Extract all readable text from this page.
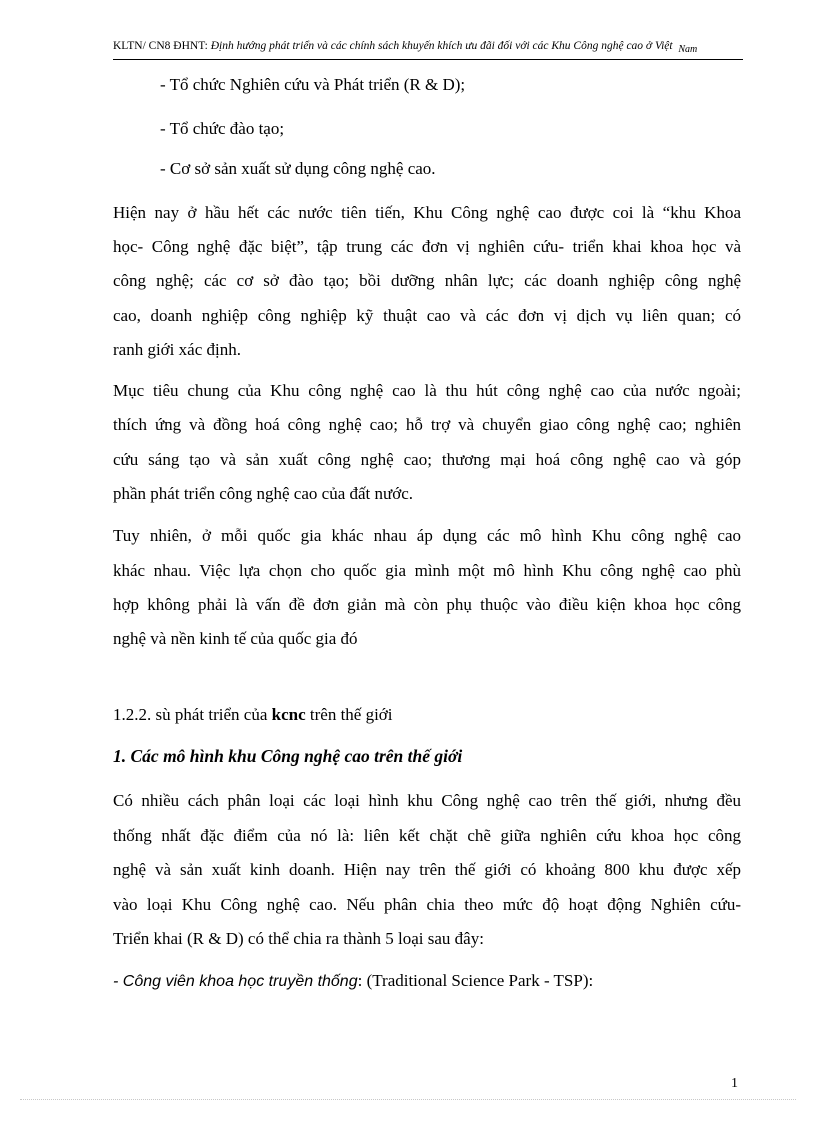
KLTN/ CN8 ĐHNT: Định hướng phát triển và các chính sách khuyến khích ưu đãi đối với các Khu Công nghệ cao ở Việt Nam
- Tổ chức Nghiên cứu và Phát triển (R & D);
- Tổ chức đào tạo;
- Cơ sở sản xuất sử dụng công nghệ cao.
Hiện nay ở hầu hết các nước tiên tiến, Khu Công nghệ cao được coi là “khu Khoa
học- Công nghệ đặc biệt”, tập trung các đơn vị nghiên cứu- triển khai khoa học và
công nghệ; các cơ sở đào tạo; bồi dưỡng nhân lực; các doanh nghiệp công nghệ
cao, doanh nghiệp công nghiệp kỹ thuật cao và các đơn vị dịch vụ liên quan; có
ranh giới xác định.
Mục tiêu chung của Khu công nghệ cao là thu hút công nghệ cao của nước ngoài;
thích ứng và đồng hoá công nghệ cao; hỗ trợ và chuyển giao công nghệ cao; nghiên
cứu sáng tạo và sản xuất công nghệ cao; thương mại hoá công nghệ cao và góp
phần phát triển công nghệ cao của đất nước.
Tuy nhiên, ở mỗi quốc gia khác nhau áp dụng các mô hình Khu công nghệ cao
khác nhau. Việc lựa chọn cho quốc gia mình một mô hình Khu công nghệ cao phù
hợp không phải là vấn đề đơn giản mà còn phụ thuộc vào điều kiện khoa học công
nghệ và nền kinh tế của quốc gia đó
1.2.2. sù phát triển của kcnc trên thế giới
1. Các mô hình khu Công nghệ cao trên thế giới
Có nhiều cách phân loại các loại hình khu Công nghệ cao trên thế giới, nhưng đều
thống nhất đặc điểm của nó là: liên kết chặt chẽ giữa nghiên cứu khoa học công
nghệ và sản xuất kinh doanh. Hiện nay trên thế giới có khoảng 800 khu được xếp
vào loại Khu Công nghệ cao. Nếu phân chia theo mức độ hoạt động Nghiên cứu-
Triển khai (R & D) có thể chia ra thành 5 loại sau đây:
- Công viên khoa học truyền thống: (Traditional Science Park - TSP):
1
